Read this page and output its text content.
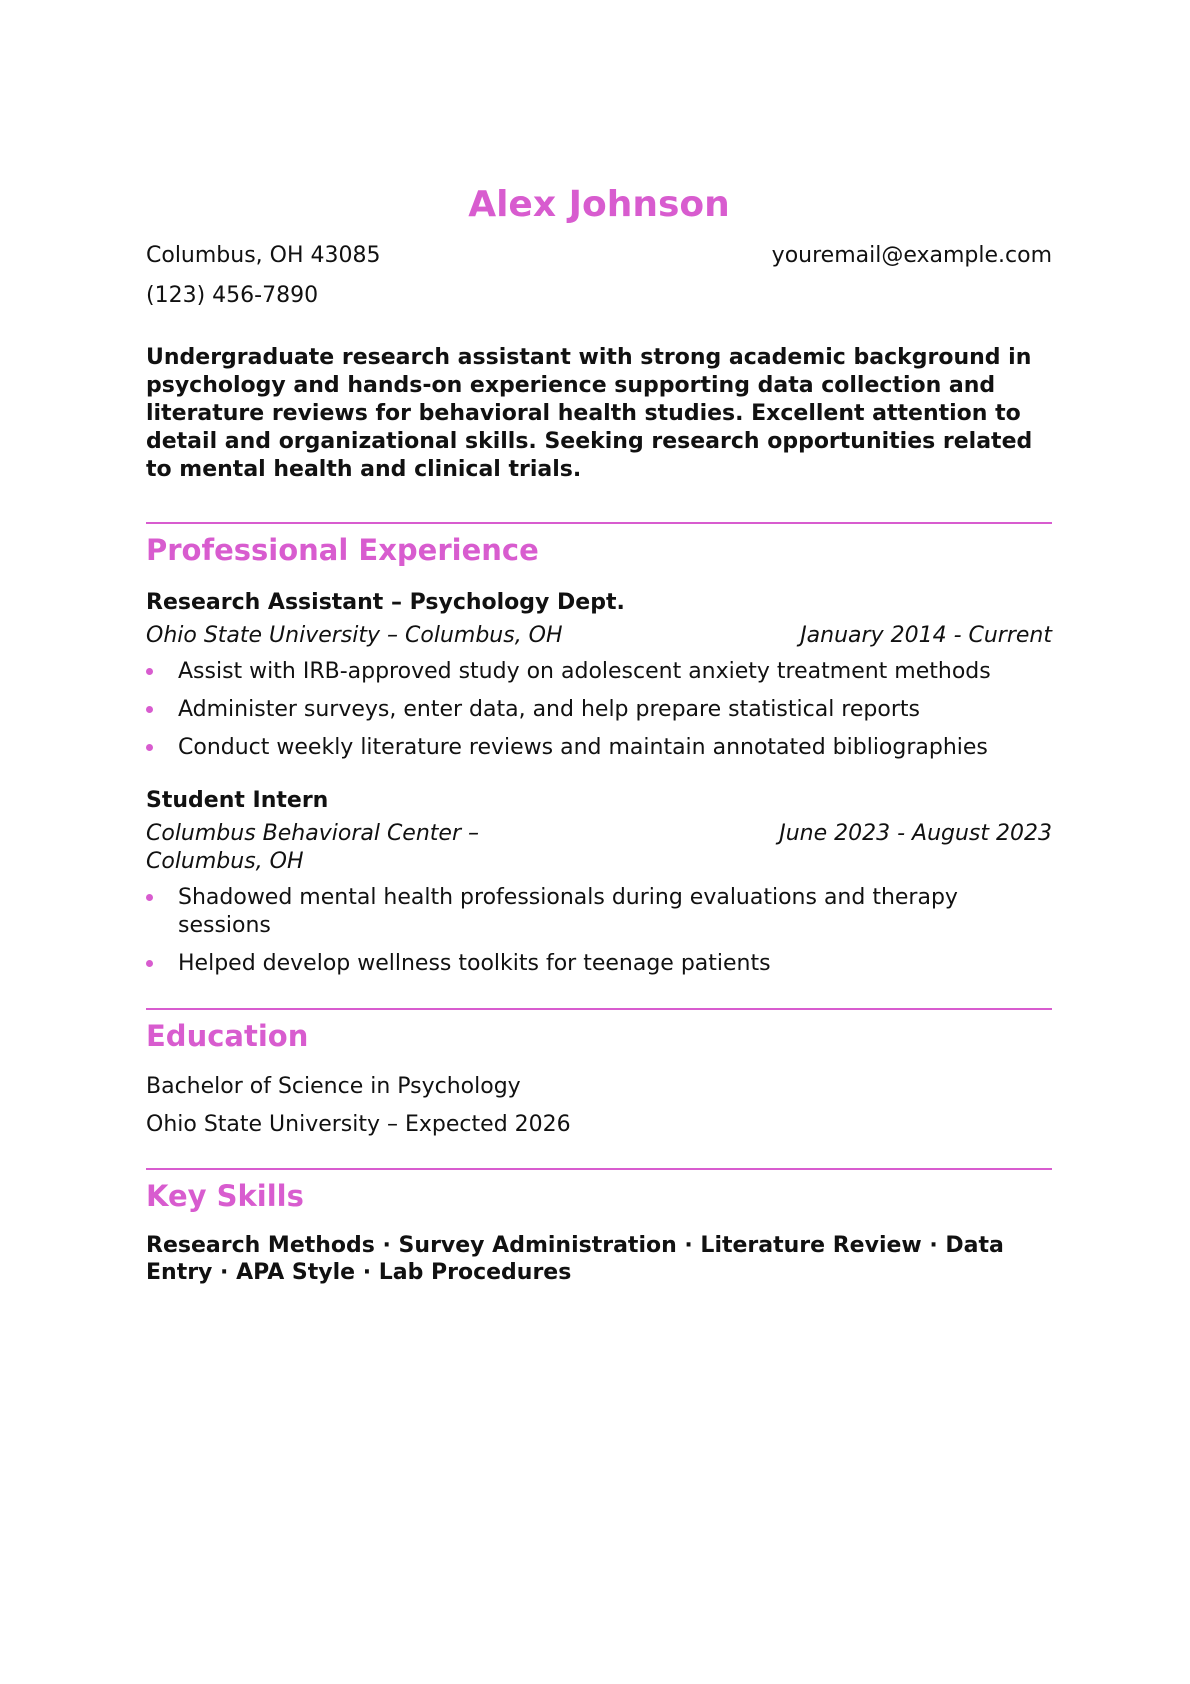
Alex Johnson
Columbus, OH 43085	youremail@example.com
(123) 456-7890
Undergraduate research assistant with strong academic background in psychology and hands-on experience supporting data collection and literature reviews for behavioral health studies. Excellent attention to detail and organizational skills. Seeking research opportunities related to mental health and clinical trials.
Professional Experience
Research Assistant – Psychology Dept.
Ohio State University – Columbus, OH	January 2014 - Current
Assist with IRB-approved study on adolescent anxiety treatment methods
Administer surveys, enter data, and help prepare statistical reports
Conduct weekly literature reviews and maintain annotated bibliographies
Student Intern
Columbus Behavioral Center – Columbus, OH
June 2023 - August 2023
Shadowed mental health professionals during evaluations and therapy sessions
Helped develop wellness toolkits for teenage patients
Education
Bachelor of Science in Psychology
Ohio State University – Expected 2026
Key Skills
Research Methods · Survey Administration · Literature Review · Data Entry · APA Style · Lab Procedures
